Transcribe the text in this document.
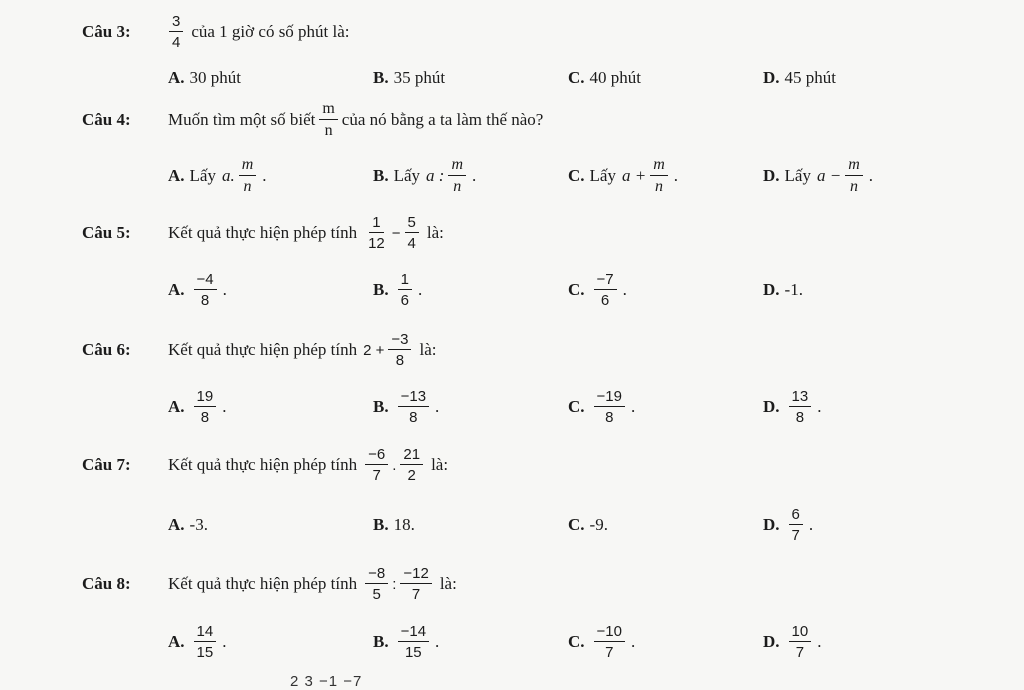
Câu 3:	$\frac{3}{4}$ của 1 giờ có số phút là:
A. 30 phút	B. 35 phút	C. 40 phút	D. 45 phút
Câu 4: Muốn tìm một số biết $\frac{m}{n}$ của nó bằng a ta làm thế nào?
A. Lấy a. $\frac{m}{n}$ .	B. Lấy a : $\frac{m}{n}$ .	C. Lấy $a + \frac{m}{n}$ .	D. Lấy $a - \frac{m}{n}$ .
Câu 5: Kết quả thực hiện phép tính $\frac{1}{12} - \frac{5}{4}$ là:
A. $\frac{-4}{8}$ .	B. $\frac{1}{6}$ .	C. $\frac{-7}{6}$ .	D. -1.
Câu 6: Kết quả thực hiện phép tính $2 + \frac{-3}{8}$ là:
A. $\frac{19}{8}$ .	B. $\frac{-13}{8}$ .	C. $\frac{-19}{8}$ .	D. $\frac{13}{8}$ .
Câu 7: Kết quả thực hiện phép tính $\frac{-6}{7}$ . $\frac{21}{2}$ là:
A. -3.	B. 18.	C. -9.	D. $\frac{6}{7}$ .
Câu 8: Kết quả thực hiện phép tính $\frac{-8}{5}$ : $\frac{-12}{7}$ là:
A. $\frac{14}{15}$ .	B. $\frac{-14}{15}$ .	C. $\frac{-10}{7}$ .	D. $\frac{10}{7}$ .
2 3 −1 −7
